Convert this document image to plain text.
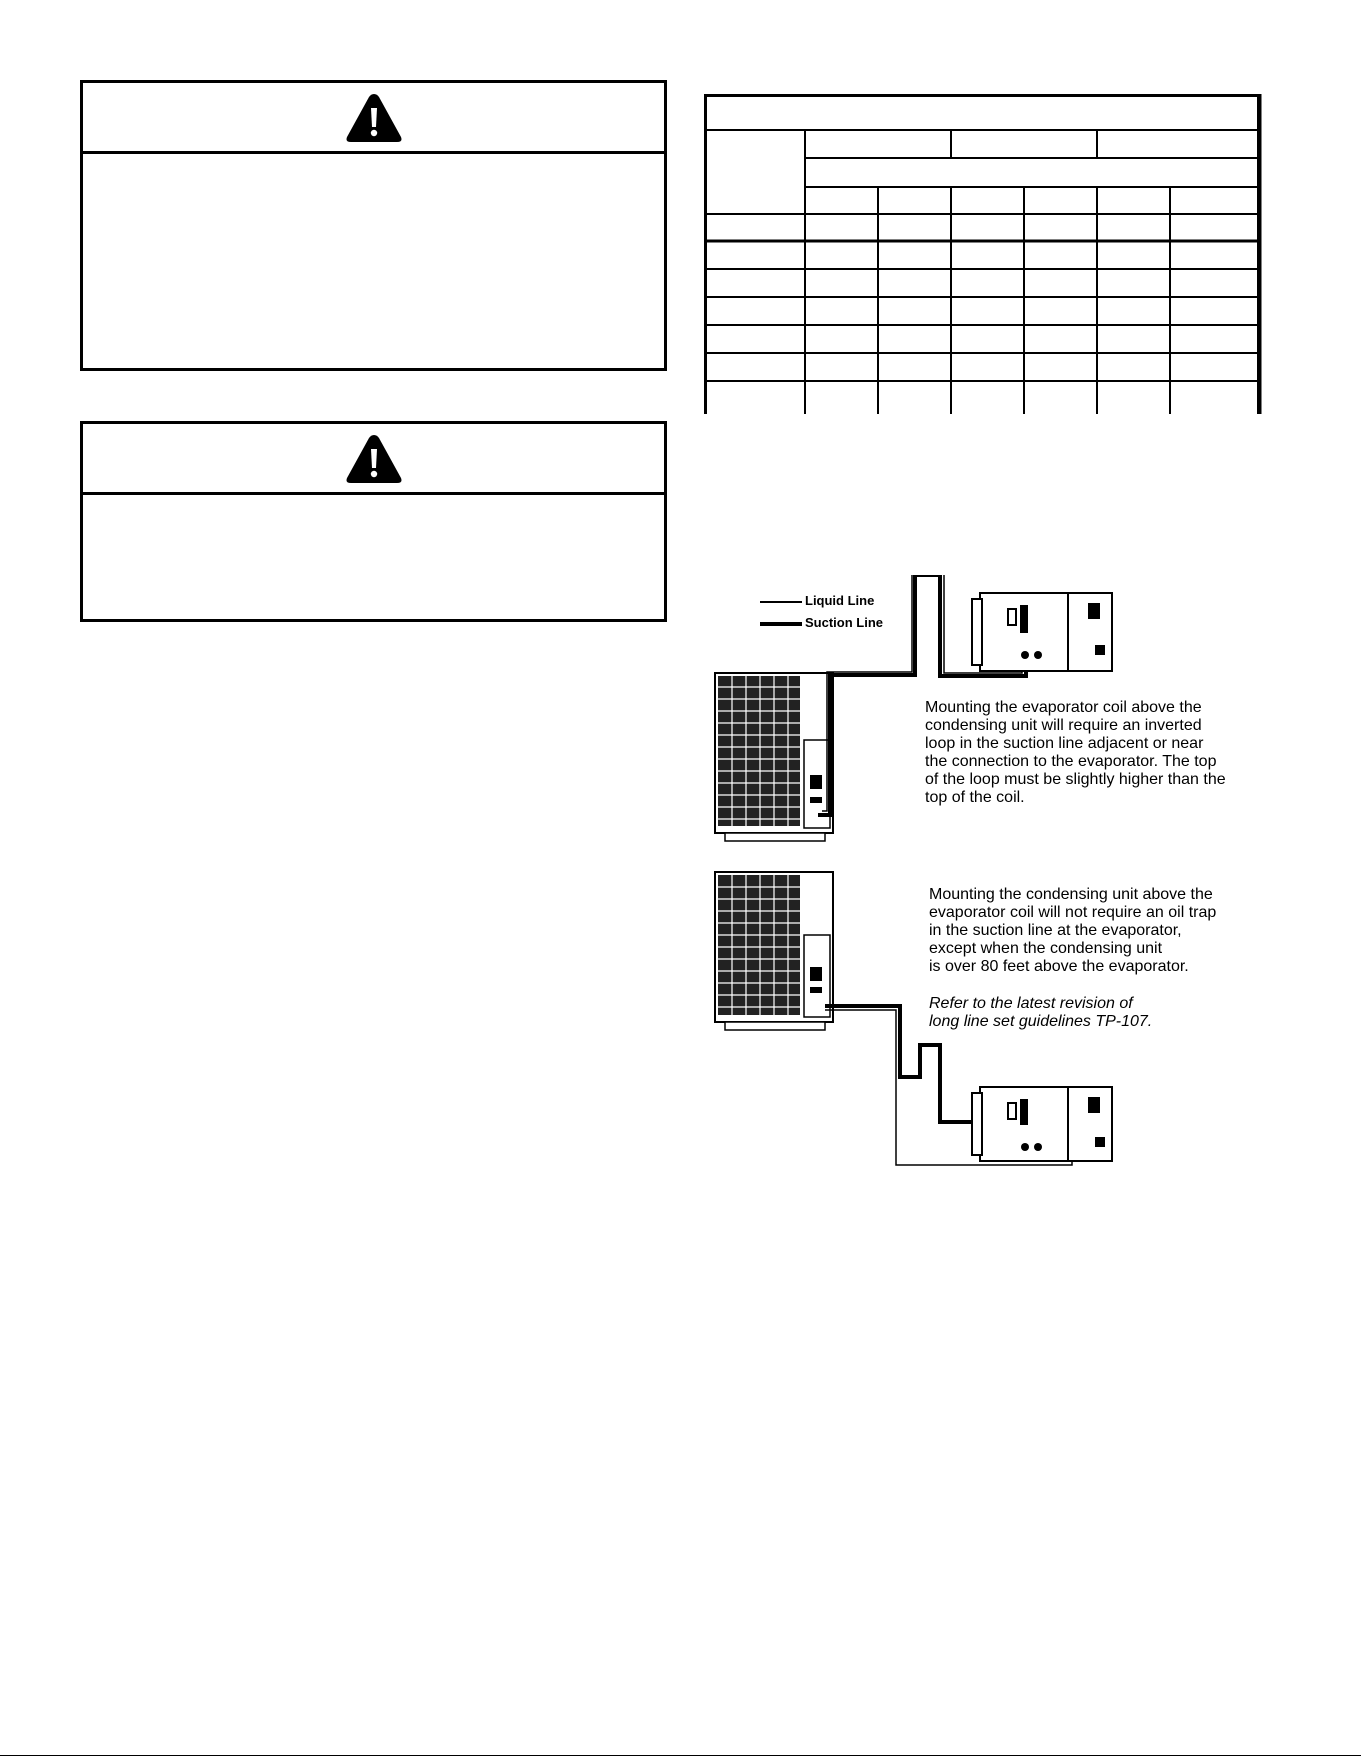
Liquid Line
Suction Line
Mounting the evaporator coil above the
condensing unit will require an inverted
loop in the suction line adjacent or near
the connection to the evaporator. The top
of the loop must be slightly higher than the
top of the coil.
Mounting the condensing unit above the
evaporator coil will not require an oil trap
in the suction line at the evaporator,
except when the condensing unit
is over 80 feet above the evaporator.
Refer to the latest revision of
long line set guidelines TP-107.
